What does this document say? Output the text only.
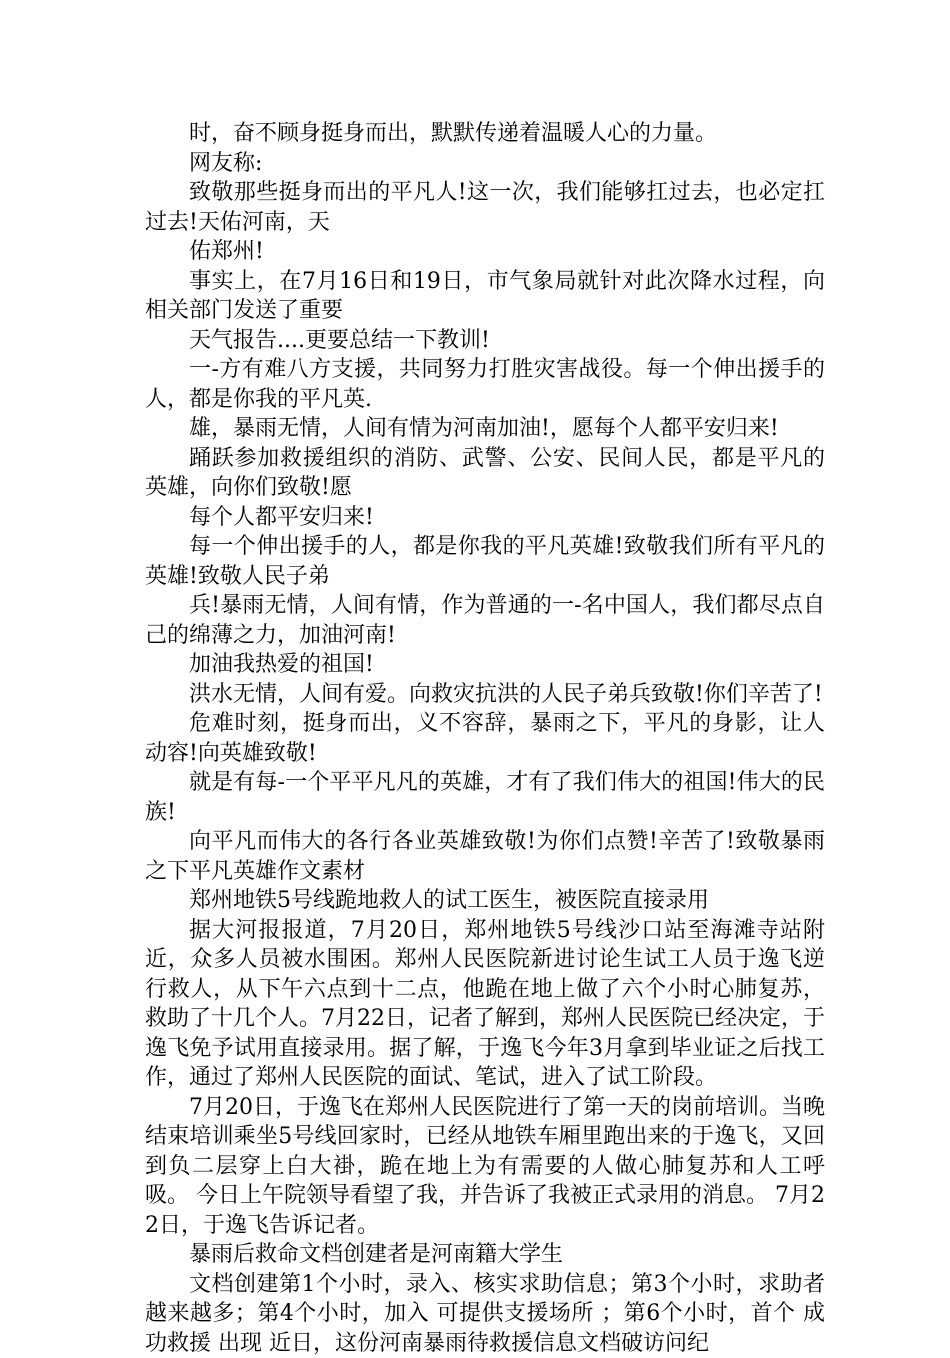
时，奋不顾身挺身而出，默默传递着温暖人心的力量。

网友称:

致敬那些挺身而出的平凡人!这一次，我们能够扛过去，也必定扛过去!天佑河南，天

佑郑州!

事实上，在7月16日和19日，市气象局就针对此次降水过程，向相关部门发送了重要

天气报告....更要总结一下教训!

一-方有难八方支援，共同努力打胜灾害战役。每一个伸出援手的人，都是你我的平凡英.

雄，暴雨无情，人间有情为河南加油!，愿每个人都平安归来!

踊跃参加救援组织的消防、武警、公安、民间人民，都是平凡的英雄，向你们致敬!愿

每个人都平安归来!

每一个伸出援手的人，都是你我的平凡英雄!致敬我们所有平凡的英雄!致敬人民子弟

兵!暴雨无情，人间有情，作为普通的一-名中国人，我们都尽点自己的绵薄之力，加油河南!

加油我热爱的祖国!

洪水无情，人间有爱。向救灾抗洪的人民子弟兵致敬!你们辛苦了!

危难时刻，挺身而出，义不容辞，暴雨之下，平凡的身影，让人动容!向英雄致敬!

就是有每-一个平平凡凡的英雄，才有了我们伟大的祖国!伟大的民族!

向平凡而伟大的各行各业英雄致敬!为你们点赞!辛苦了!致敬暴雨之下平凡英雄作文素材

郑州地铁5号线跪地救人的试工医生，被医院直接录用

据大河报报道，7月20日，郑州地铁5号线沙口站至海滩寺站附近，众多人员被水围困。郑州人民医院新进讨论生试工人员于逸飞逆行救人，从下午六点到十二点，他跪在地上做了六个小时心肺复苏，救助了十几个人。7月22日，记者了解到，郑州人民医院已经决定，于逸飞免予试用直接录用。据了解，于逸飞今年3月拿到毕业证之后找工作，通过了郑州人民医院的面试、笔试，进入了试工阶段。

7月20日，于逸飞在郑州人民医院进行了第一天的岗前培训。当晚结束培训乘坐5号线回家时，已经从地铁车厢里跑出来的于逸飞，又回到负二层穿上白大褂，跪在地上为有需要的人做心肺复苏和人工呼吸。 今日上午院领导看望了我，并告诉了我被正式录用的消息。 7月22日，于逸飞告诉记者。

暴雨后救命文档创建者是河南籍大学生

文档创建第1个小时，录入、核实求助信息；第3个小时，求助者越来越多；第4个小时，加入 可提供支援场所 ；第6个小时，首个 成功救援 出现 近日，这份河南暴雨待救援信息文档破访问纪
